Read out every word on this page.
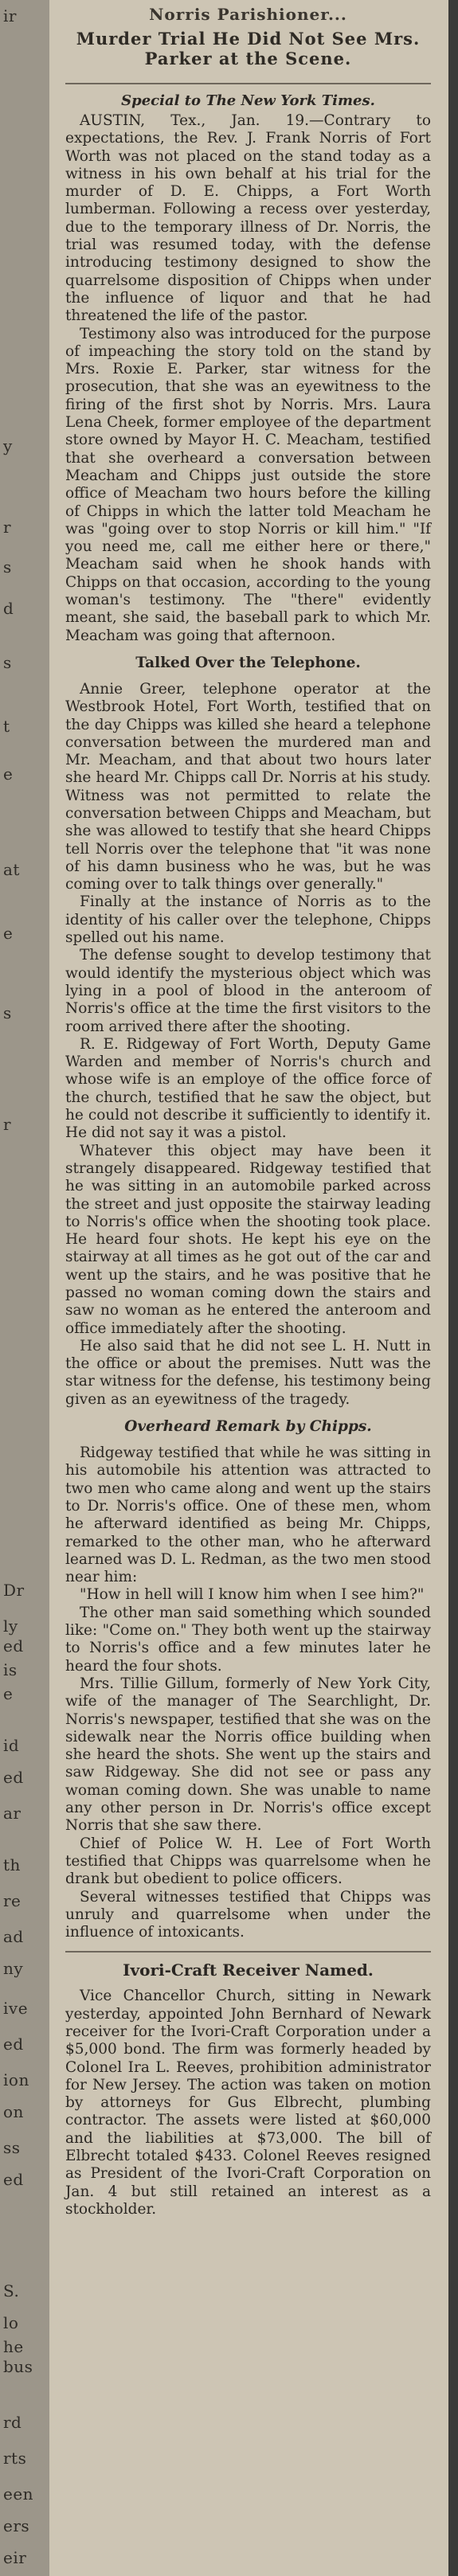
ir
y
r
s
d
s
t
e
at
e
s
r
Dr
ly
ed
is
e
id
ed
ar
th
re
ad
ny
ive
ed
ion
on
ss
ed
S.
he
bus
lo
rd
rts
een
ers
eir
Norris Parishioner...
Murder Trial He Did Not See Mrs. Parker at the Scene.
Special to The New York Times.

AUSTIN, Tex., Jan. 19.—Contrary to expectations, the Rev. J. Frank Norris of Fort Worth was not placed on the stand today as a witness in his own behalf at his trial for the murder of D. E. Chipps, a Fort Worth lumberman. Following a recess over yesterday, due to the temporary illness of Dr. Norris, the trial was resumed today, with the defense introducing testimony designed to show the quarrelsome disposition of Chipps when under the influence of liquor and that he had threatened the life of the pastor.

Testimony also was introduced for the purpose of impeaching the story told on the stand by Mrs. Roxie E. Parker, star witness for the prosecution, that she was an eyewitness to the firing of the first shot by Norris. Mrs. Laura Lena Cheek, former employee of the department store owned by Mayor H. C. Meacham, testified that she overheard a conversation between Meacham and Chipps just outside the store office of Meacham two hours before the killing of Chipps in which the latter told Meacham he was "going over to stop Norris or kill him." "If you need me, call me either here or there," Meacham said when he shook hands with Chipps on that occasion, according to the young woman's testimony. The "there" evidently meant, she said, the baseball park to which Mr. Meacham was going that afternoon.

Talked Over the Telephone.

Annie Greer, telephone operator at the Westbrook Hotel, Fort Worth, testified that on the day Chipps was killed she heard a telephone conversation between the murdered man and Mr. Meacham, and that about two hours later she heard Mr. Chipps call Dr. Norris at his study. Witness was not permitted to relate the conversation between Chipps and Meacham, but she was allowed to testify that she heard Chipps tell Norris over the telephone that "it was none of his damn business who he was, but he was coming over to talk things over generally."

Finally at the instance of Norris as to the identity of his caller over the telephone, Chipps spelled out his name.

The defense sought to develop testimony that would identify the mysterious object which was lying in a pool of blood in the anteroom of Norris's office at the time the first visitors to the room arrived there after the shooting.

R. E. Ridgeway of Fort Worth, Deputy Game Warden and member of Norris's church and whose wife is an employe of the office force of the church, testified that he saw the object, but he could not describe it sufficiently to identify it. He did not say it was a pistol.

Whatever this object may have been it strangely disappeared. Ridgeway testified that he was sitting in an automobile parked across the street and just opposite the stairway leading to Norris's office when the shooting took place. He heard four shots. He kept his eye on the stairway at all times as he got out of the car and went up the stairs, and he was positive that he passed no woman coming down the stairs and saw no woman as he entered the anteroom and office immediately after the shooting.

He also said that he did not see L. H. Nutt in the office or about the premises. Nutt was the star witness for the defense, his testimony being given as an eyewitness of the tragedy.

Overheard Remark by Chipps.

Ridgeway testified that while he was sitting in his automobile his attention was attracted to two men who came along and went up the stairs to Dr. Norris's office. One of these men, whom he afterward identified as being Mr. Chipps, remarked to the other man, who he afterward learned was D. L. Redman, as the two men stood near him:

"How in hell will I know him when I see him?"

The other man said something which sounded like: "Come on." They both went up the stairway to Norris's office and a few minutes later he heard the four shots.

Mrs. Tillie Gillum, formerly of New York City, wife of the manager of The Searchlight, Dr. Norris's newspaper, testified that she was on the sidewalk near the Norris office building when she heard the shots. She went up the stairs and saw Ridgeway. She did not see or pass any woman coming down. She was unable to name any other person in Dr. Norris's office except Norris that she saw there.

Chief of Police W. H. Lee of Fort Worth testified that Chipps was quarrelsome when he drank but obedient to police officers.

Several witnesses testified that Chipps was unruly and quarrelsome when under the influence of intoxicants.

Ivori-Craft Receiver Named.

Vice Chancellor Church, sitting in Newark yesterday, appointed John Bernhard of Newark receiver for the Ivori-Craft Corporation under a $5,000 bond. The firm was formerly headed by Colonel Ira L. Reeves, prohibition administrator for New Jersey. The action was taken on motion by attorneys for Gus Elbrecht, plumbing contractor. The assets were listed at $60,000 and the liabilities at $73,000. The bill of Elbrecht totaled $433. Colonel Reeves resigned as President of the Ivori-Craft Corporation on Jan. 4 but still retained an interest as a stockholder.
